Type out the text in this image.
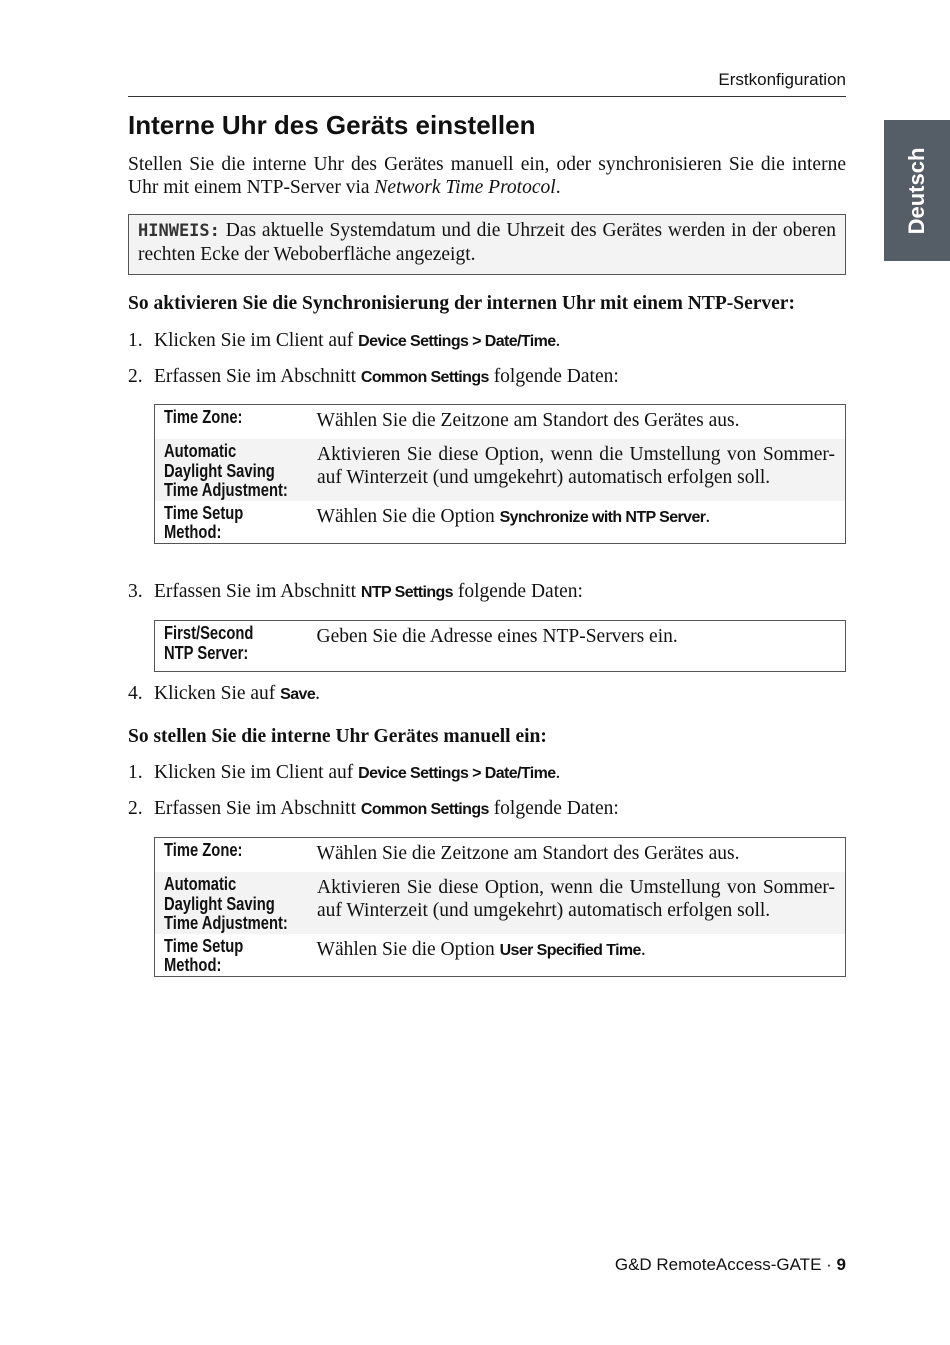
Erstkonfiguration
Deutsch
Interne Uhr des Geräts einstellen

Stellen Sie die interne Uhr des Gerätes manuell ein, oder synchronisieren Sie die interne Uhr mit einem NTP-Server via Network Time Protocol.

HINWEIS: Das aktuelle Systemdatum und die Uhrzeit des Gerätes werden in der oberen rechten Ecke der Weboberfläche angezeigt.

So aktivieren Sie die Synchronisierung der internen Uhr mit einem NTP-Server:

1. Klicken Sie im Client auf Device Settings > Date/Time.

2. Erfassen Sie im Abschnitt Common Settings folgende Daten:

Time Zone:	Wählen Sie die Zeitzone am Standort des Gerätes aus.
Automatic Daylight Saving Time Adjustment:
Aktivieren Sie diese Option, wenn die Umstellung von Sommer- auf Winterzeit (und umgekehrt) automatisch erfolgen soll.
Time Setup Method:
Wählen Sie die Option Synchronize with NTP Server.

3. Erfassen Sie im Abschnitt NTP Settings folgende Daten:

First/Second NTP Server:
Geben Sie die Adresse eines NTP-Servers ein.

4. Klicken Sie auf Save.

So stellen Sie die interne Uhr Gerätes manuell ein:

1. Klicken Sie im Client auf Device Settings > Date/Time.

2. Erfassen Sie im Abschnitt Common Settings folgende Daten:

Time Zone:	Wählen Sie die Zeitzone am Standort des Gerätes aus.
Automatic Daylight Saving Time Adjustment:
Aktivieren Sie diese Option, wenn die Umstellung von Sommer- auf Winterzeit (und umgekehrt) automatisch erfolgen soll.
Time Setup Method:
Wählen Sie die Option User Specified Time.
G&D RemoteAccess-GATE · 9
